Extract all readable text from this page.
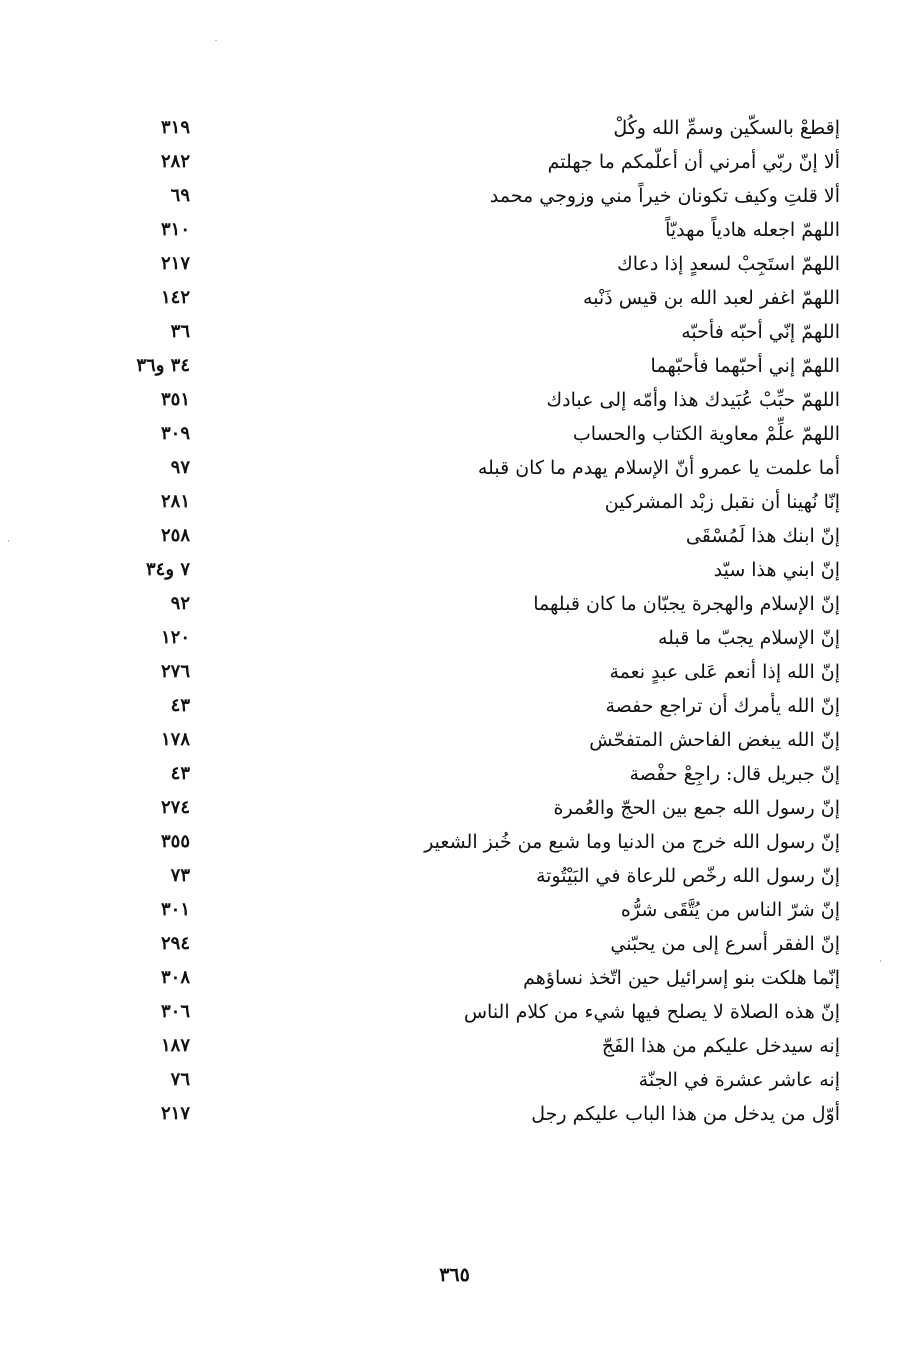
إقطعْ بالسكّين وسمِّ الله وكُلْ
٣١٩
ألا إنّ ربّي أمرني أن أعلّمكم ما جهلتم
٢٨٢
ألا قلتِ وكيف تكونان خيراً مني وزوجي محمد
٦٩
اللهمّ اجعله هادياً مهديّاً
٣١٠
اللهمّ استَجِبْ لسعدٍ إذا دعاك
٢١٧
اللهمّ اغفر لعبد الله بن قيس ذَنْبه
١٤٢
اللهمّ إنّي أحبّه فأحبّه
٣٦
اللهمّ إني أحبّهما فأحبّهما
٣٤ و٣٦
اللهمّ حبِّبْ عُبَيدك هذا وأمّه إلى عبادك
٣٥١
اللهمّ علِّمْ معاوية الكتاب والحساب
٣٠٩
أما علمت يا عمرو أنّ الإسلام يهدم ما كان قبله
٩٧
إنّا نُهينا أن نقبل زبْد المشركين
٢٨١
إنّ ابنك هذا لَمُسْقَى
٢٥٨
إنّ ابني هذا سيّد
٧ و٣٤
إنّ الإسلام والهجرة يجبّان ما كان قبلهما
٩٢
إنّ الإسلام يجبّ ما قبله
١٢٠
إنّ الله إذا أنعم عَلى عبدٍ نعمة
٢٧٦
إنّ الله يأمرك أن تراجع حفصة
٤٣
إنّ الله يبغض الفاحش المتفحّش
١٧٨
إنّ جبريل قال: راجِعْ حفْصة
٤٣
إنّ رسول الله جمع بين الحجّ والعُمرة
٢٧٤
إنّ رسول الله خرج من الدنيا وما شبع من خُبز الشعير
٣٥٥
إنّ رسول الله رخّص للرعاة في البَيْتُوتة
٧٣
إنّ شرّ الناس من يُتَّقَى شرُّه
٣٠١
إنّ الفقر أسرع إلى من يحبّني
٢٩٤
إنّما هلكت بنو إسرائيل حين اتّخذ نساؤهم
٣٠٨
إنّ هذه الصلاة لا يصلح فيها شيء من كلام الناس
٣٠٦
إنه سيدخل عليكم من هذا الفَجّ
١٨٧
إنه عاشر عشرة في الجنّة
٧٦
أوّل من يدخل من هذا الباب عليكم رجل
٢١٧
٣٦٥
